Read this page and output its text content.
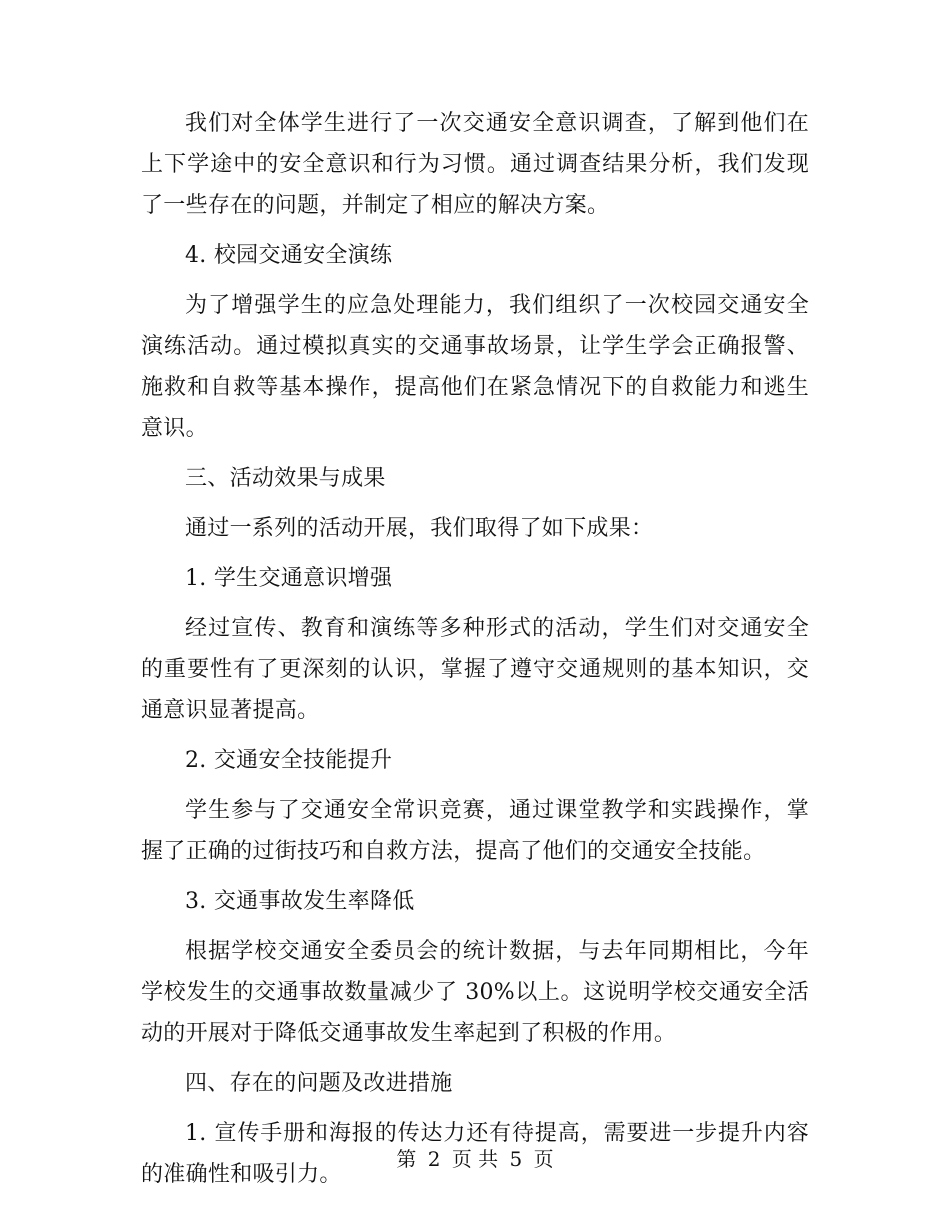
我们对全体学生进行了一次交通安全意识调查，了解到他们在上下学途中的安全意识和行为习惯。通过调查结果分析，我们发现了一些存在的问题，并制定了相应的解决方案。

4. 校园交通安全演练

为了增强学生的应急处理能力，我们组织了一次校园交通安全演练活动。通过模拟真实的交通事故场景，让学生学会正确报警、施救和自救等基本操作，提高他们在紧急情况下的自救能力和逃生意识。

三、活动效果与成果

通过一系列的活动开展，我们取得了如下成果：

1. 学生交通意识增强

经过宣传、教育和演练等多种形式的活动，学生们对交通安全的重要性有了更深刻的认识，掌握了遵守交通规则的基本知识，交通意识显著提高。

2. 交通安全技能提升

学生参与了交通安全常识竞赛，通过课堂教学和实践操作，掌握了正确的过街技巧和自救方法，提高了他们的交通安全技能。

3. 交通事故发生率降低

根据学校交通安全委员会的统计数据，与去年同期相比，今年学校发生的交通事故数量减少了 30%以上。这说明学校交通安全活动的开展对于降低交通事故发生率起到了积极的作用。

四、存在的问题及改进措施

1. 宣传手册和海报的传达力还有待提高，需要进一步提升内容的准确性和吸引力。

第 2 页 共 5 页
